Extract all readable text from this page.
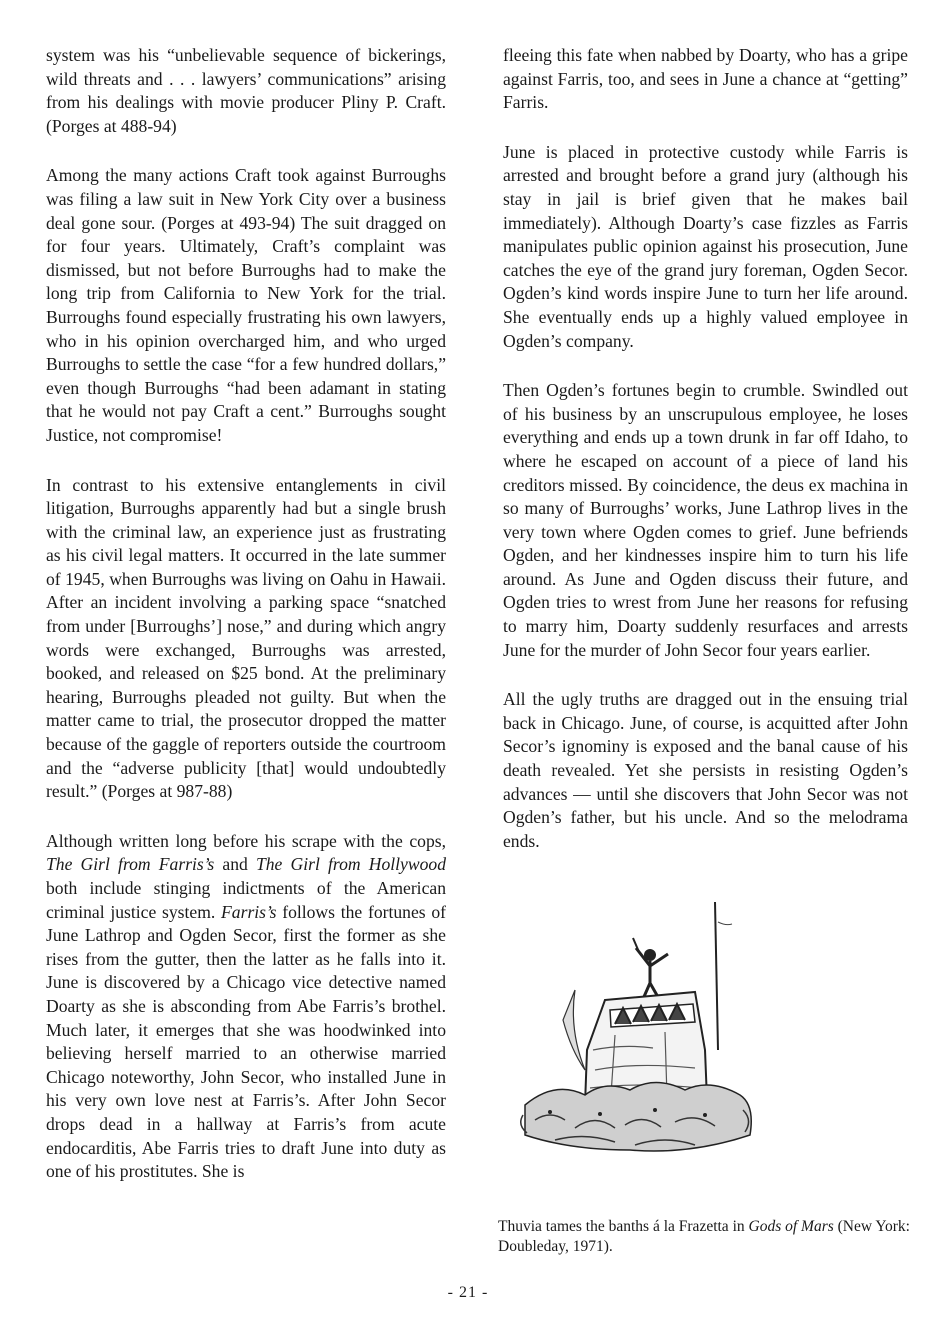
system was his “unbelievable sequence of bickerings, wild threats and . . . lawyers’ communications” arising from his dealings with movie producer Pliny P. Craft. (Porges at 488-94)

Among the many actions Craft took against Burroughs was filing a law suit in New York City over a business deal gone sour. (Porges at 493-94) The suit dragged on for four years. Ultimately, Craft’s complaint was dismissed, but not before Burroughs had to make the long trip from California to New York for the trial. Burroughs found especially frustrating his own lawyers, who in his opinion overcharged him, and who urged Burroughs to settle the case “for a few hundred dollars,” even though Burroughs “had been adamant in stating that he would not pay Craft a cent.” Burroughs sought Justice, not compromise!

In contrast to his extensive entanglements in civil litigation, Burroughs apparently had but a single brush with the criminal law, an experience just as frustrating as his civil legal matters. It occurred in the late summer of 1945, when Burroughs was living on Oahu in Hawaii. After an incident involving a parking space “snatched from under [Burroughs’] nose,” and during which angry words were exchanged, Burroughs was arrested, booked, and released on $25 bond. At the preliminary hearing, Burroughs pleaded not guilty. But when the matter came to trial, the prosecutor dropped the matter because of the gaggle of reporters outside the courtroom and the “adverse publicity [that] would undoubtedly result.” (Porges at 987-88)

Although written long before his scrape with the cops, The Girl from Farris’s and The Girl from Hollywood both include stinging indictments of the American criminal justice system. Farris’s follows the fortunes of June Lathrop and Ogden Secor, first the former as she rises from the gutter, then the latter as he falls into it. June is discovered by a Chicago vice detective named Doarty as she is absconding from Abe Farris’s brothel. Much later, it emerges that she was hoodwinked into believing herself married to an otherwise married Chicago noteworthy, John Secor, who installed June in his very own love nest at Farris’s. After John Secor drops dead in a hallway at Farris’s from acute endocarditis, Abe Farris tries to draft June into duty as one of his prostitutes. She is

fleeing this fate when nabbed by Doarty, who has a gripe against Farris, too, and sees in June a chance at “getting” Farris.

June is placed in protective custody while Farris is arrested and brought before a grand jury (although his stay in jail is brief given that he makes bail immediately). Although Doarty’s case fizzles as Farris manipulates public opinion against his prosecution, June catches the eye of the grand jury foreman, Ogden Secor. Ogden’s kind words inspire June to turn her life around. She eventually ends up a highly valued employee in Ogden’s company.

Then Ogden’s fortunes begin to crumble. Swindled out of his business by an unscrupulous employee, he loses everything and ends up a town drunk in far off Idaho, to where he escaped on account of a piece of land his creditors missed. By coincidence, the deus ex machina in so many of Burroughs’ works, June Lathrop lives in the very town where Ogden comes to grief. June befriends Ogden, and her kindnesses inspire him to turn his life around. As June and Ogden discuss their future, and Ogden tries to wrest from June her reasons for refusing to marry him, Doarty suddenly resurfaces and arrests June for the murder of John Secor four years earlier.

All the ugly truths are dragged out in the ensuing trial back in Chicago. June, of course, is acquitted after John Secor’s ignominy is exposed and the banal cause of his death revealed. Yet she persists in resisting Ogden’s advances — until she discovers that John Secor was not Ogden’s father, but his uncle. And so the melodrama ends.

Thuvia tames the banths á la Frazetta in Gods of Mars (New York: Doubleday, 1971).
- 21 -
